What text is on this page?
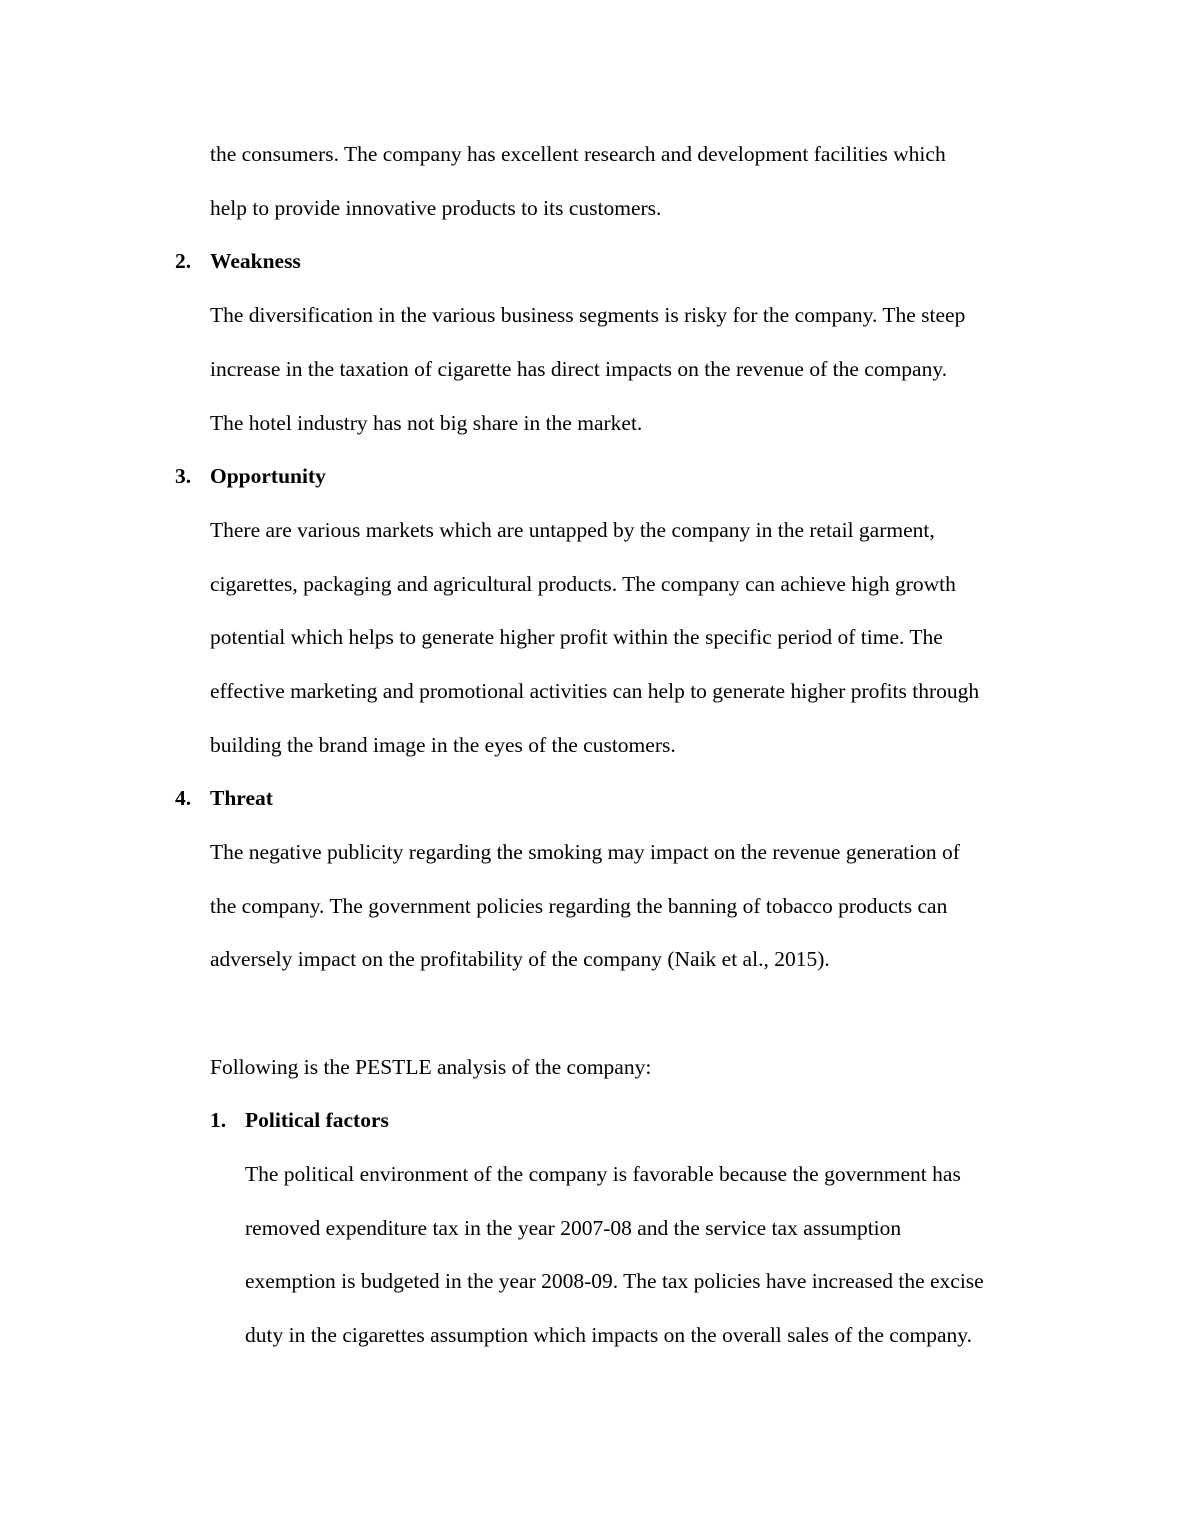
the consumers. The company has excellent research and development facilities which
help to provide innovative products to its customers.
2. Weakness
The diversification in the various business segments is risky for the company. The steep
increase in the taxation of cigarette has direct impacts on the revenue of the company.
The hotel industry has not big share in the market.
3. Opportunity
There are various markets which are untapped by the company in the retail garment,
cigarettes, packaging and agricultural products. The company can achieve high growth
potential which helps to generate higher profit within the specific period of time. The
effective marketing and promotional activities can help to generate higher profits through
building the brand image in the eyes of the customers.
4. Threat
The negative publicity regarding the smoking may impact on the revenue generation of
the company. The government policies regarding the banning of tobacco products can
adversely impact on the profitability of the company (Naik et al., 2015).
Following is the PESTLE analysis of the company:
1. Political factors
The political environment of the company is favorable because the government has
removed expenditure tax in the year 2007-08 and the service tax assumption
exemption is budgeted in the year 2008-09. The tax policies have increased the excise
duty in the cigarettes assumption which impacts on the overall sales of the company.
